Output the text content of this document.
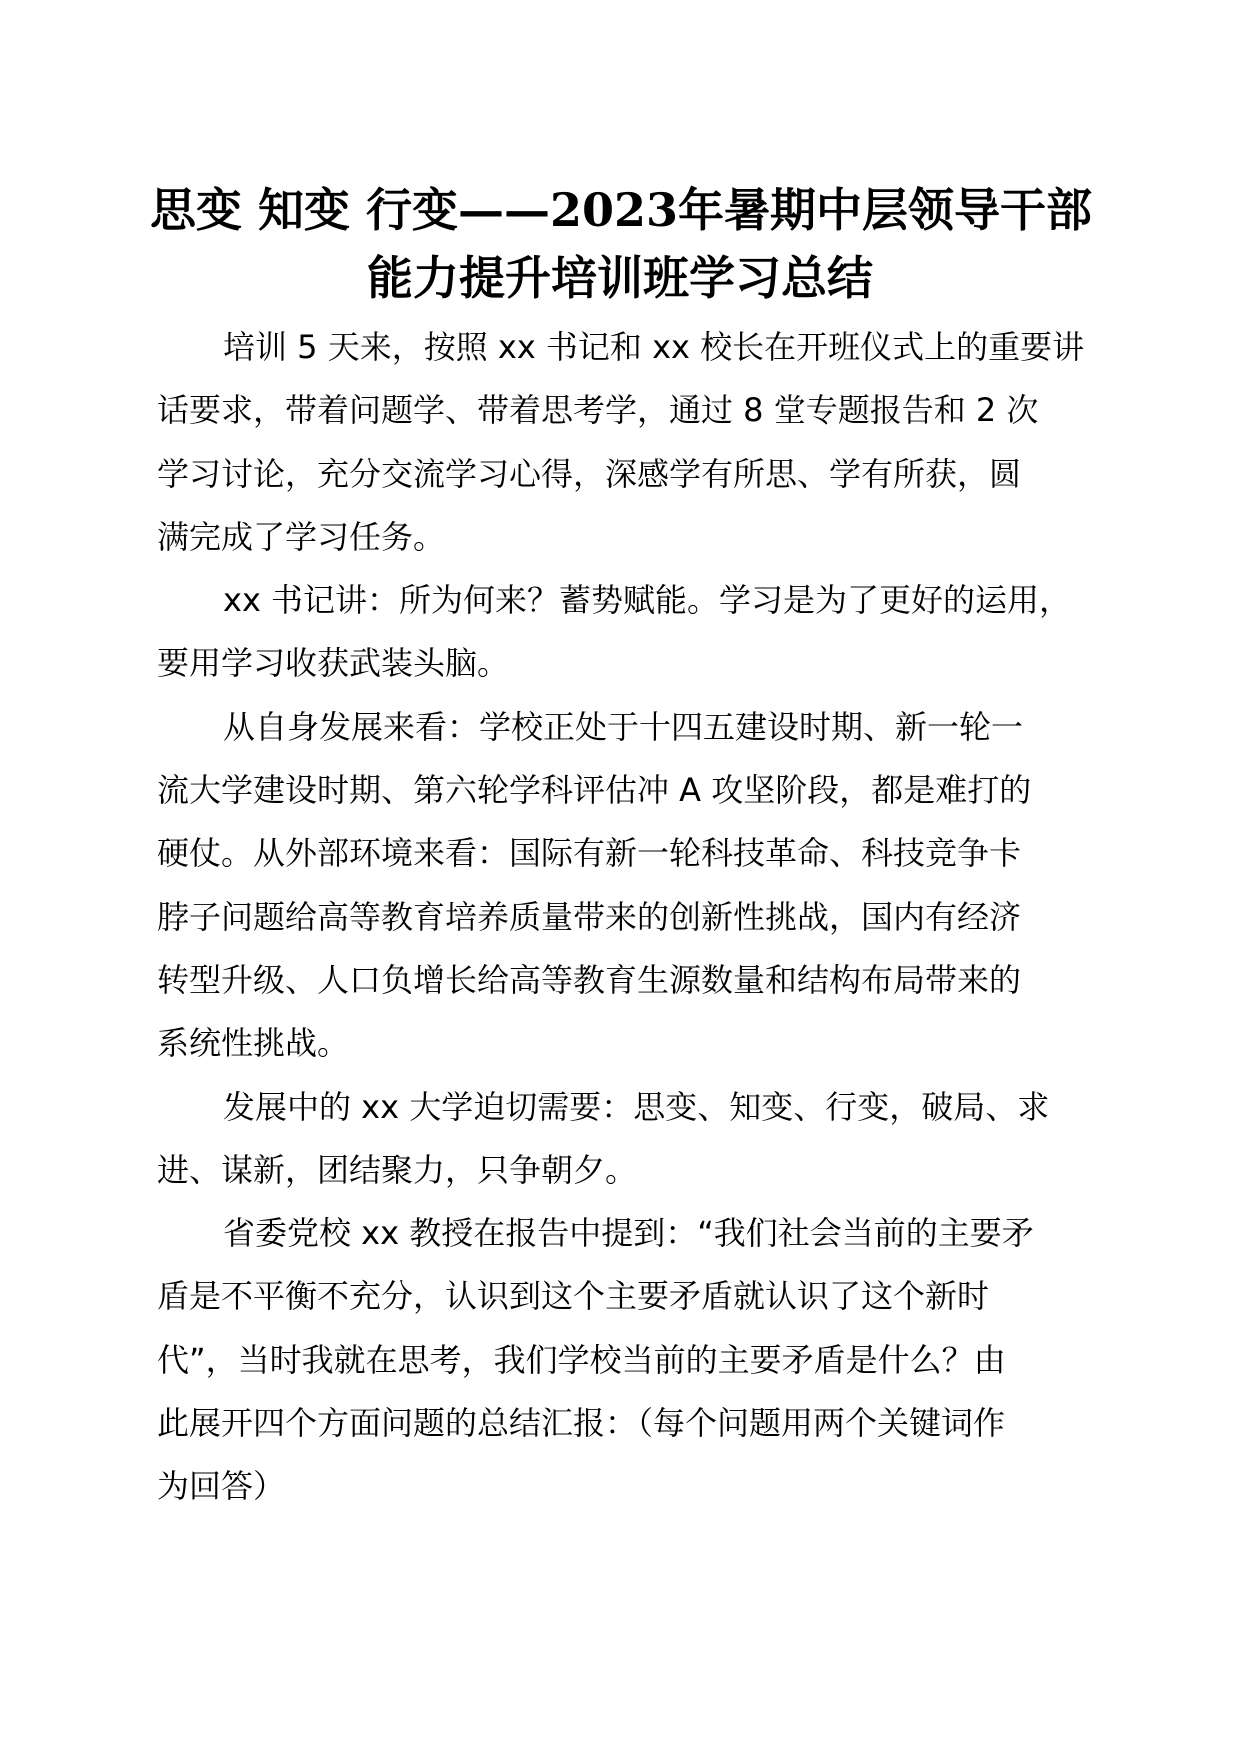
思变 知变 行变——2023年暑期中层领导干部
能力提升培训班学习总结

培训 5 天来，按照 xx 书记和 xx 校长在开班仪式上的重要讲
话要求，带着问题学、带着思考学，通过 8 堂专题报告和 2 次
学习讨论，充分交流学习心得，深感学有所思、学有所获，圆
满完成了学习任务。

xx 书记讲：所为何来？蓄势赋能。学习是为了更好的运用，
要用学习收获武装头脑。

从自身发展来看：学校正处于十四五建设时期、新一轮一
流大学建设时期、第六轮学科评估冲 A 攻坚阶段，都是难打的
硬仗。从外部环境来看：国际有新一轮科技革命、科技竞争卡
脖子问题给高等教育培养质量带来的创新性挑战，国内有经济
转型升级、人口负增长给高等教育生源数量和结构布局带来的
系统性挑战。

发展中的 xx 大学迫切需要：思变、知变、行变，破局、求
进、谋新，团结聚力，只争朝夕。

省委党校 xx 教授在报告中提到：“我们社会当前的主要矛
盾是不平衡不充分，认识到这个主要矛盾就认识了这个新时
代”，当时我就在思考，我们学校当前的主要矛盾是什么？由
此展开四个方面问题的总结汇报：（每个问题用两个关键词作
为回答）
